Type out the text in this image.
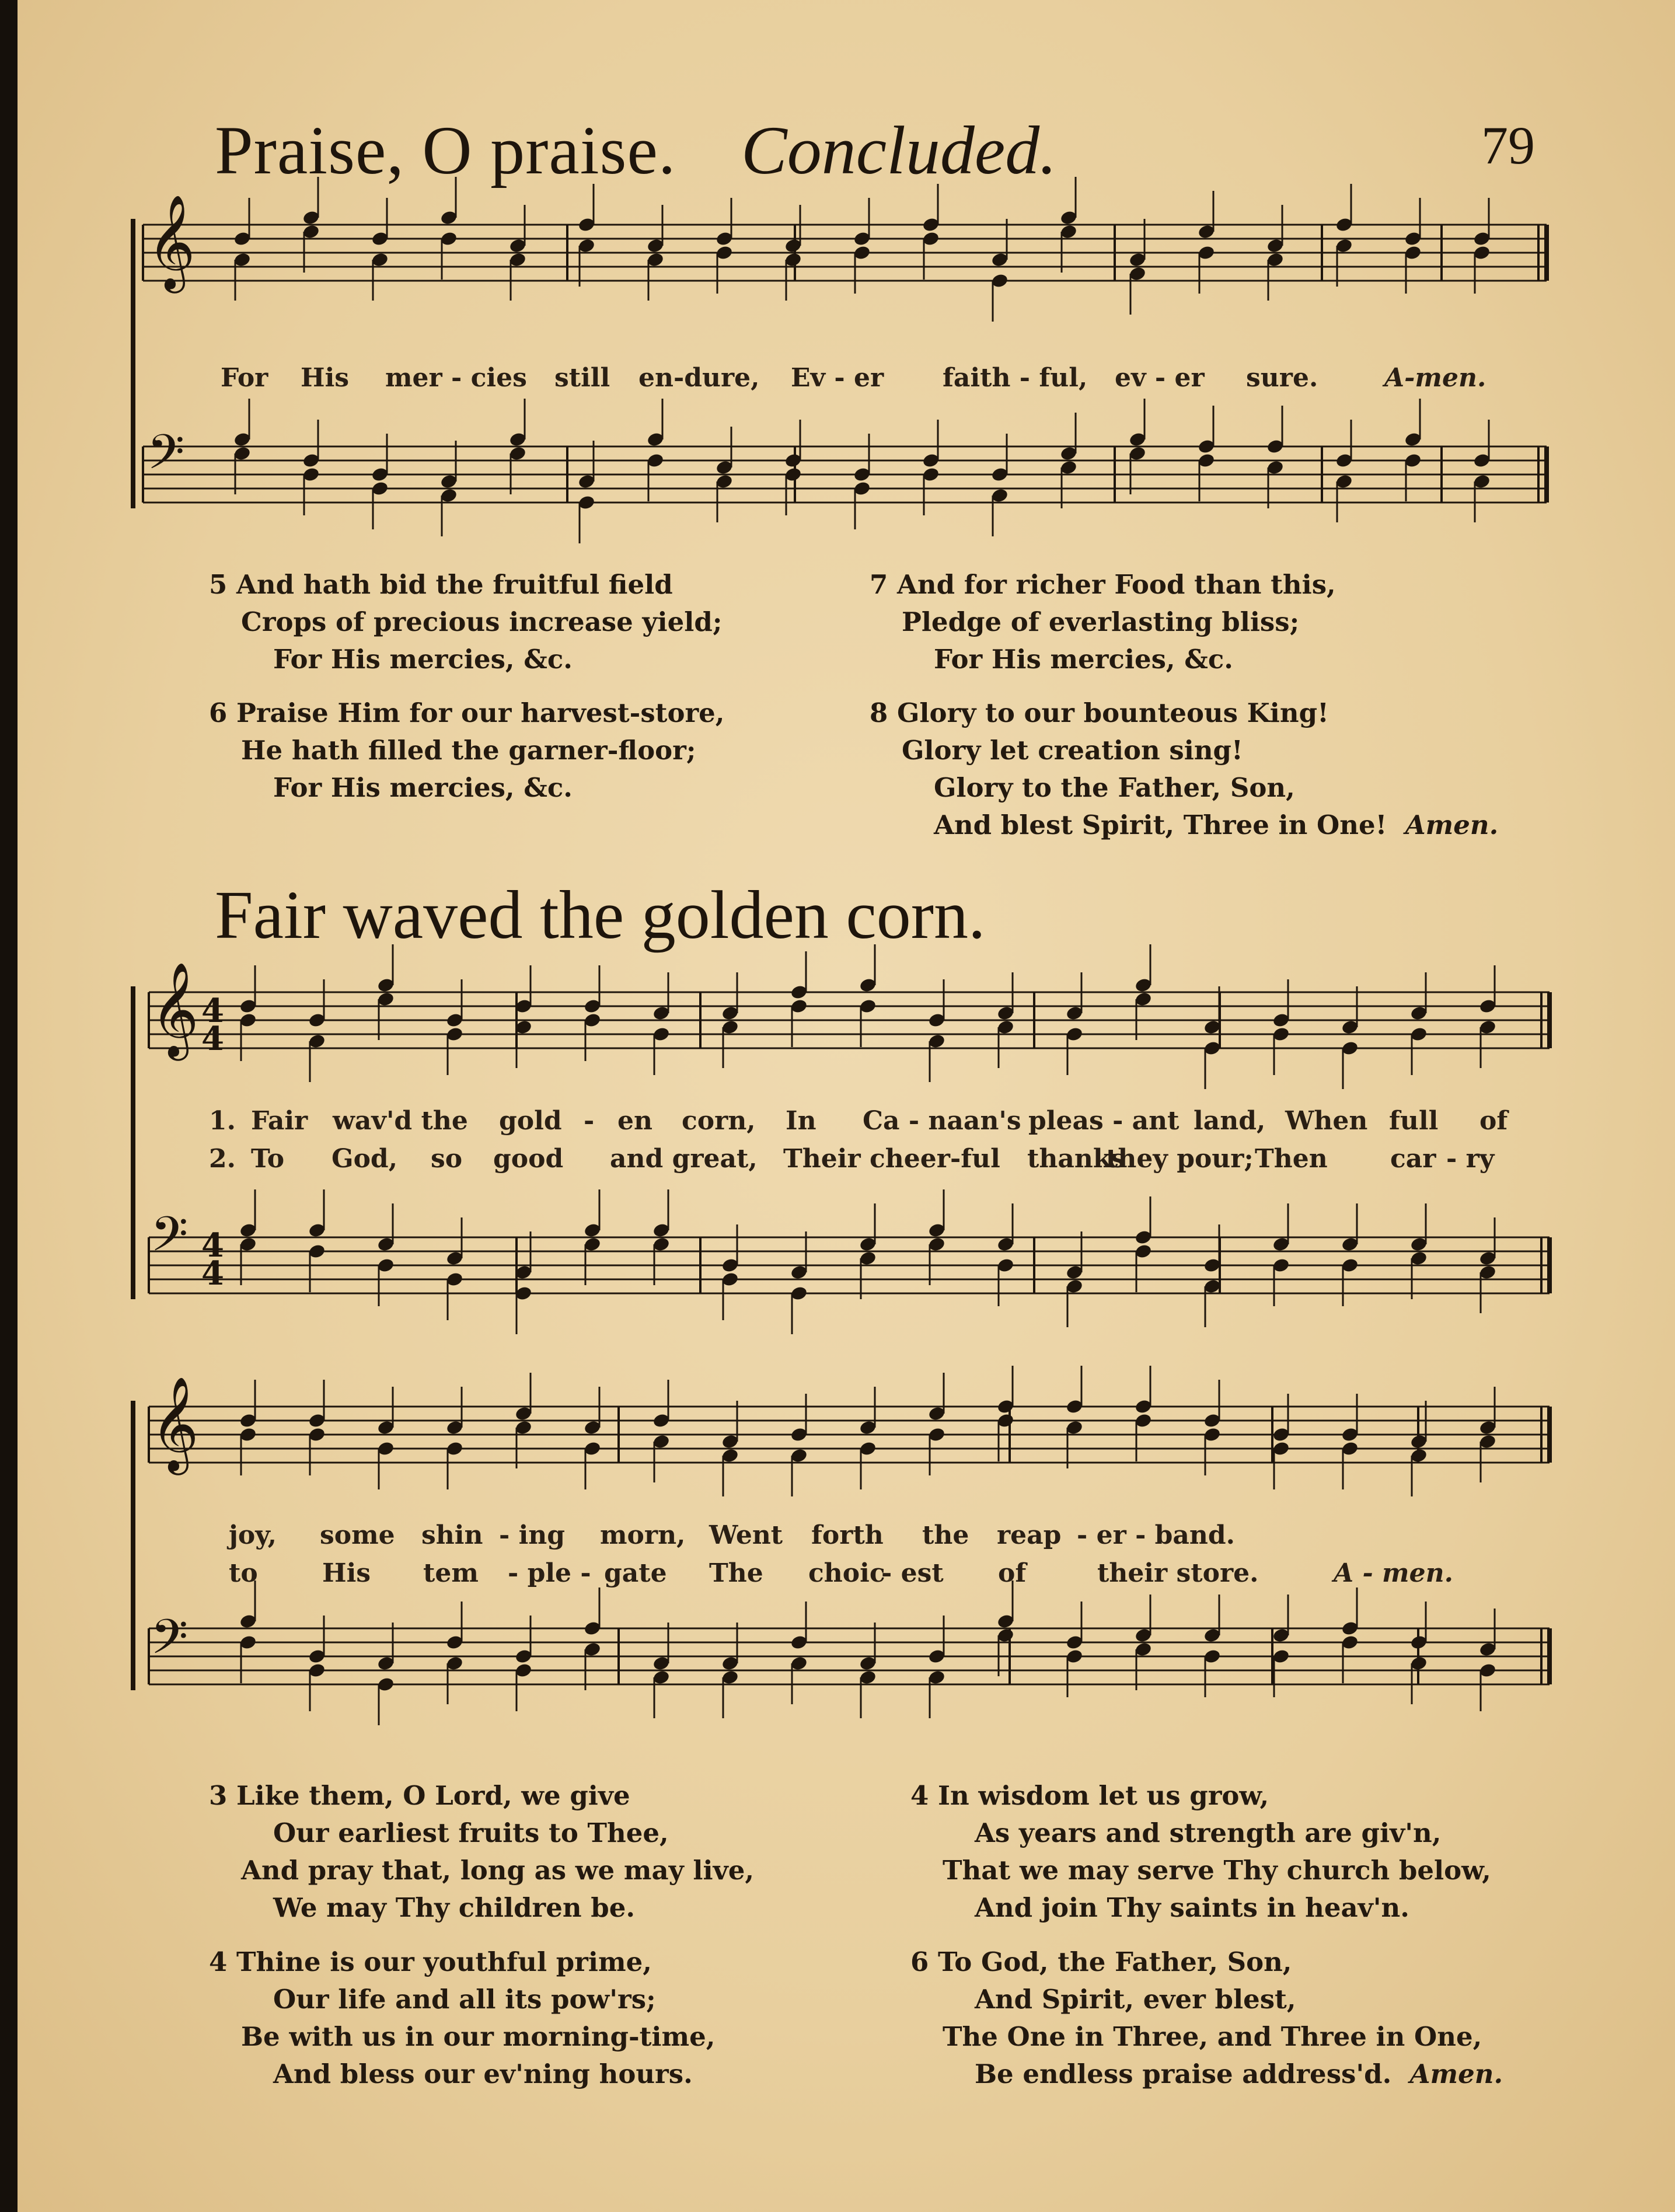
Praise, O praise. Concluded.	79
𝄞
𝄢
𝄞
𝄢
𝄞
𝄢
4
4
4
4
For His mer - cies still en-dure, Ev - er faith - ful, ev - er sure.	A-men.
5 And hath bid the fruitful field
Crops of precious increase yield;
For His mercies, &c.
6 Praise Him for our harvest-store,
He hath filled the garner-floor;
For His mercies, &c.
7 And for richer Food than this,
Pledge of everlasting bliss;
For His mercies, &c.
8 Glory to our bounteous King!
Glory let creation sing!
Glory to the Father, Son,
And blest Spirit, Three in One! Amen.
Fair waved the golden corn.
1. Fair wav'd the gold - en corn, In Ca - naan's pleas - ant land, When full of
2. To God, so good and great, Their cheer-ful thanks
they pour; Then car - ry
joy, some shin - ing morn, Went forth the reap - er - band.
to	His tem - ple - gate The choic
- est of	their store.	A - men.
3 Like them, O Lord, we give
Our earliest fruits to Thee,
And pray that, long as we may live,
We may Thy children be.
4 Thine is our youthful prime,
Our life and all its pow'rs;
Be with us in our morning-time,
And bless our ev'ning hours.
4 In wisdom let us grow,
As years and strength are giv'n,
That we may serve Thy church below,
And join Thy saints in heav'n.
6 To God, the Father, Son,
And Spirit, ever blest,
The One in Three, and Three in One,
Be endless praise address'd. Amen.
